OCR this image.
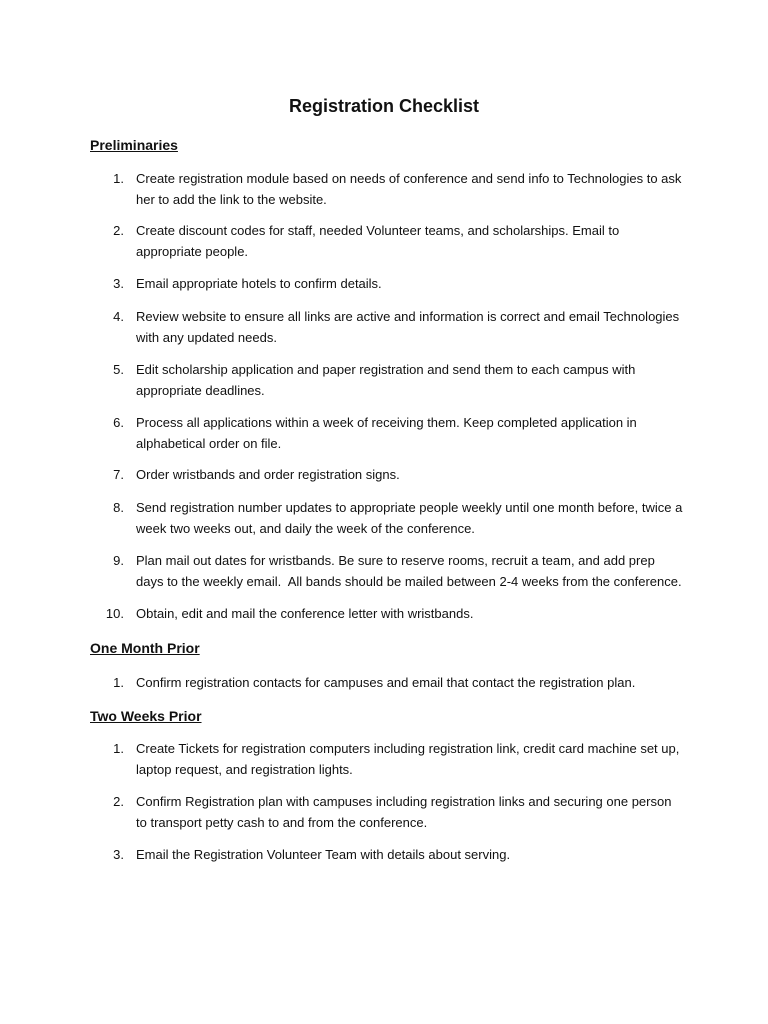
Registration Checklist
Preliminaries
1. Create registration module based on needs of conference and send info to Technologies to ask her to add the link to the website.
2. Create discount codes for staff, needed Volunteer teams, and scholarships. Email to appropriate people.
3. Email appropriate hotels to confirm details.
4. Review website to ensure all links are active and information is correct and email Technologies with any updated needs.
5. Edit scholarship application and paper registration and send them to each campus with appropriate deadlines.
6. Process all applications within a week of receiving them. Keep completed application in alphabetical order on file.
7. Order wristbands and order registration signs.
8. Send registration number updates to appropriate people weekly until one month before, twice a week two weeks out, and daily the week of the conference.
9. Plan mail out dates for wristbands. Be sure to reserve rooms, recruit a team, and add prep days to the weekly email.  All bands should be mailed between 2-4 weeks from the conference.
10. Obtain, edit and mail the conference letter with wristbands.
One Month Prior
1. Confirm registration contacts for campuses and email that contact the registration plan.
Two Weeks Prior
1. Create Tickets for registration computers including registration link, credit card machine set up, laptop request, and registration lights.
2. Confirm Registration plan with campuses including registration links and securing one person to transport petty cash to and from the conference.
3. Email the Registration Volunteer Team with details about serving.
